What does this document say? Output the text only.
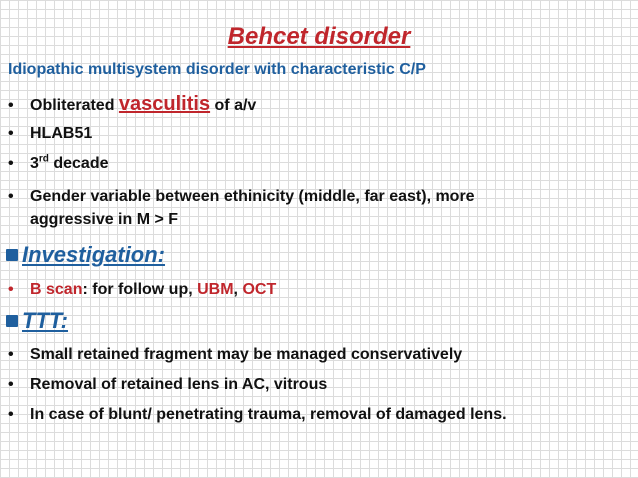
Behcet disorder
Idiopathic multisystem disorder with characteristic C/P
• Obliterated vasculitis of a/v
• HLAB51
• 3rd decade
• Gender variable between ethinicity (middle, far east), more
aggressive in M > F
Investigation:
• B scan: for follow up, UBM, OCT
TTT:
• Small retained fragment may be managed conservatively
• Removal of retained lens in AC, vitrous
• In case of blunt/ penetrating trauma, removal of damaged lens.
